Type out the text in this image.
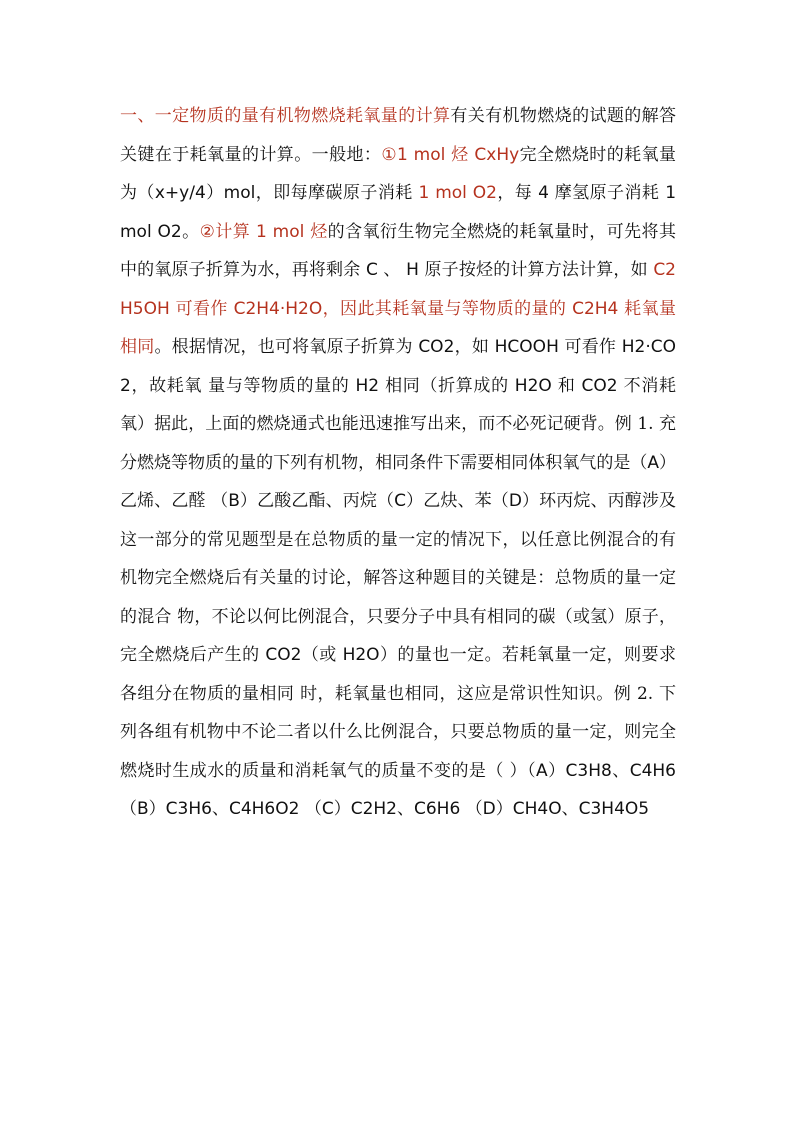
一、一定物质的量有机物燃烧耗氧量的计算有关有机物燃烧的试题的解答关键在于耗氧量的计算。一般地：①1 mol 烃 CxHy完全燃烧时的耗氧量为（x+y/4）mol，即每摩碳原子消耗 1 mol O2，每 4 摩氢原子消耗 1 mol O2。②计算 1 mol 烃的含氧衍生物完全燃烧的耗氧量时，可先将其中的氧原子折算为水，再将剩余 C 、 H 原子按烃的计算方法计算，如 C2H5OH 可看作 C2H4·H2O，因此其耗氧量与等物质的量的 C2H4 耗氧量相同。根据情况，也可将氧原子折算为 CO2，如 HCOOH 可看作 H2·CO2，故耗氧 量与等物质的量的 H2 相同（折算成的 H2O 和 CO2 不消耗氧）据此，上面的燃烧通式也能迅速推写出来，而不必死记硬背。例 1. 充分燃烧等物质的量的下列有机物，相同条件下需要相同体积氧气的是（A）乙烯、乙醛 （B）乙酸乙酯、丙烷（C）乙炔、苯（D）环丙烷、丙醇涉及这一部分的常见题型是在总物质的量一定的情况下，以任意比例混合的有机物完全燃烧后有关量的讨论，解答这种题目的关键是：总物质的量一定的混合 物，不论以何比例混合，只要分子中具有相同的碳（或氢）原子，完全燃烧后产生的 CO2（或 H2O）的量也一定。若耗氧量一定，则要求各组分在物质的量相同 时，耗氧量也相同，这应是常识性知识。例 2. 下列各组有机物中不论二者以什么比例混合，只要总物质的量一定，则完全燃烧时生成水的质量和消耗氧气的质量不变的是（ ）（A）C3H8、C4H6 （B）C3H6、C4H6O2 （C）C2H2、C6H6 （D）CH4O、C3H4O5
